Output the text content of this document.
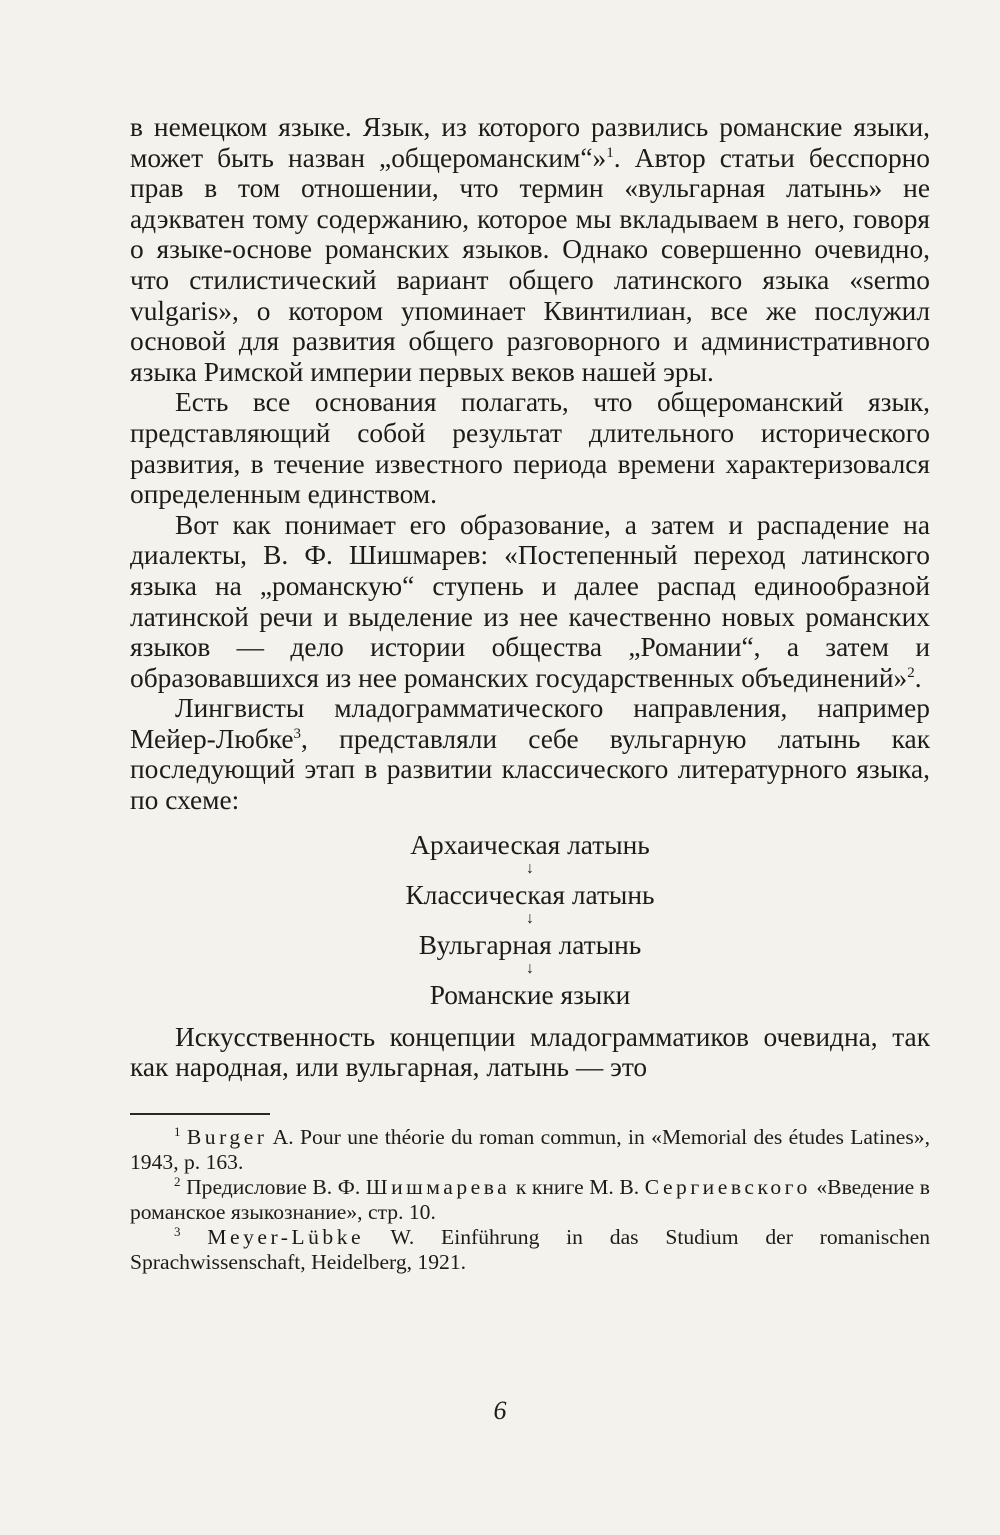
в немецком языке. Язык, из которого развились романские языки, может быть назван „общероманским“»$^1$. Автор статьи бесспорно прав в том отношении, что термин «вульгарная латынь» не адэкватен тому содержанию, которое мы вкладываем в него, говоря о языке-основе романских языков. Однако совершенно очевидно, что стилистический вариант общего латинского языка «sermo vulgaris», о котором упоминает Квинтилиан, все же послужил основой для развития общего разговорного и административного языка Римской империи первых веков нашей эры.

Есть все основания полагать, что общероманский язык, представляющий собой результат длительного исторического развития, в течение известного периода времени характеризовался определенным единством.

Вот как понимает его образование, а затем и распадение на диалекты, В. Ф. Шишмарев: «Постепенный переход латинского языка на „романскую“ ступень и далее распад единообразной латинской речи и выделение из нее качественно новых романских языков — дело истории общества „Романии“, а затем и образовавшихся из нее романских государственных объединений»$^2$.

Лингвисты младограмматического направления, например Мейер-Любке$^3$, представляли себе вульгарную латынь как последующий этап в развитии классического литературного языка, по схеме:

Архаическая латынь
↓
Классическая латынь
↓
Вульгарная латынь
↓
Романские языки

Искусственность концепции младограмматиков очевидна, так как народная, или вульгарная, латынь — это

$^1$ Burger A. Pour une théorie du roman commun, in «Memorial des études Latines», 1943, p. 163.

$^2$ Предисловие В. Ф. Шишмарева к книге М. В. Сергиевского «Введение в романское языкознание», стр. 10.

$^3$ Meyer-Lübke W. Einführung in das Studium der romanischen Sprachwissenschaft, Heidelberg, 1921.

6
